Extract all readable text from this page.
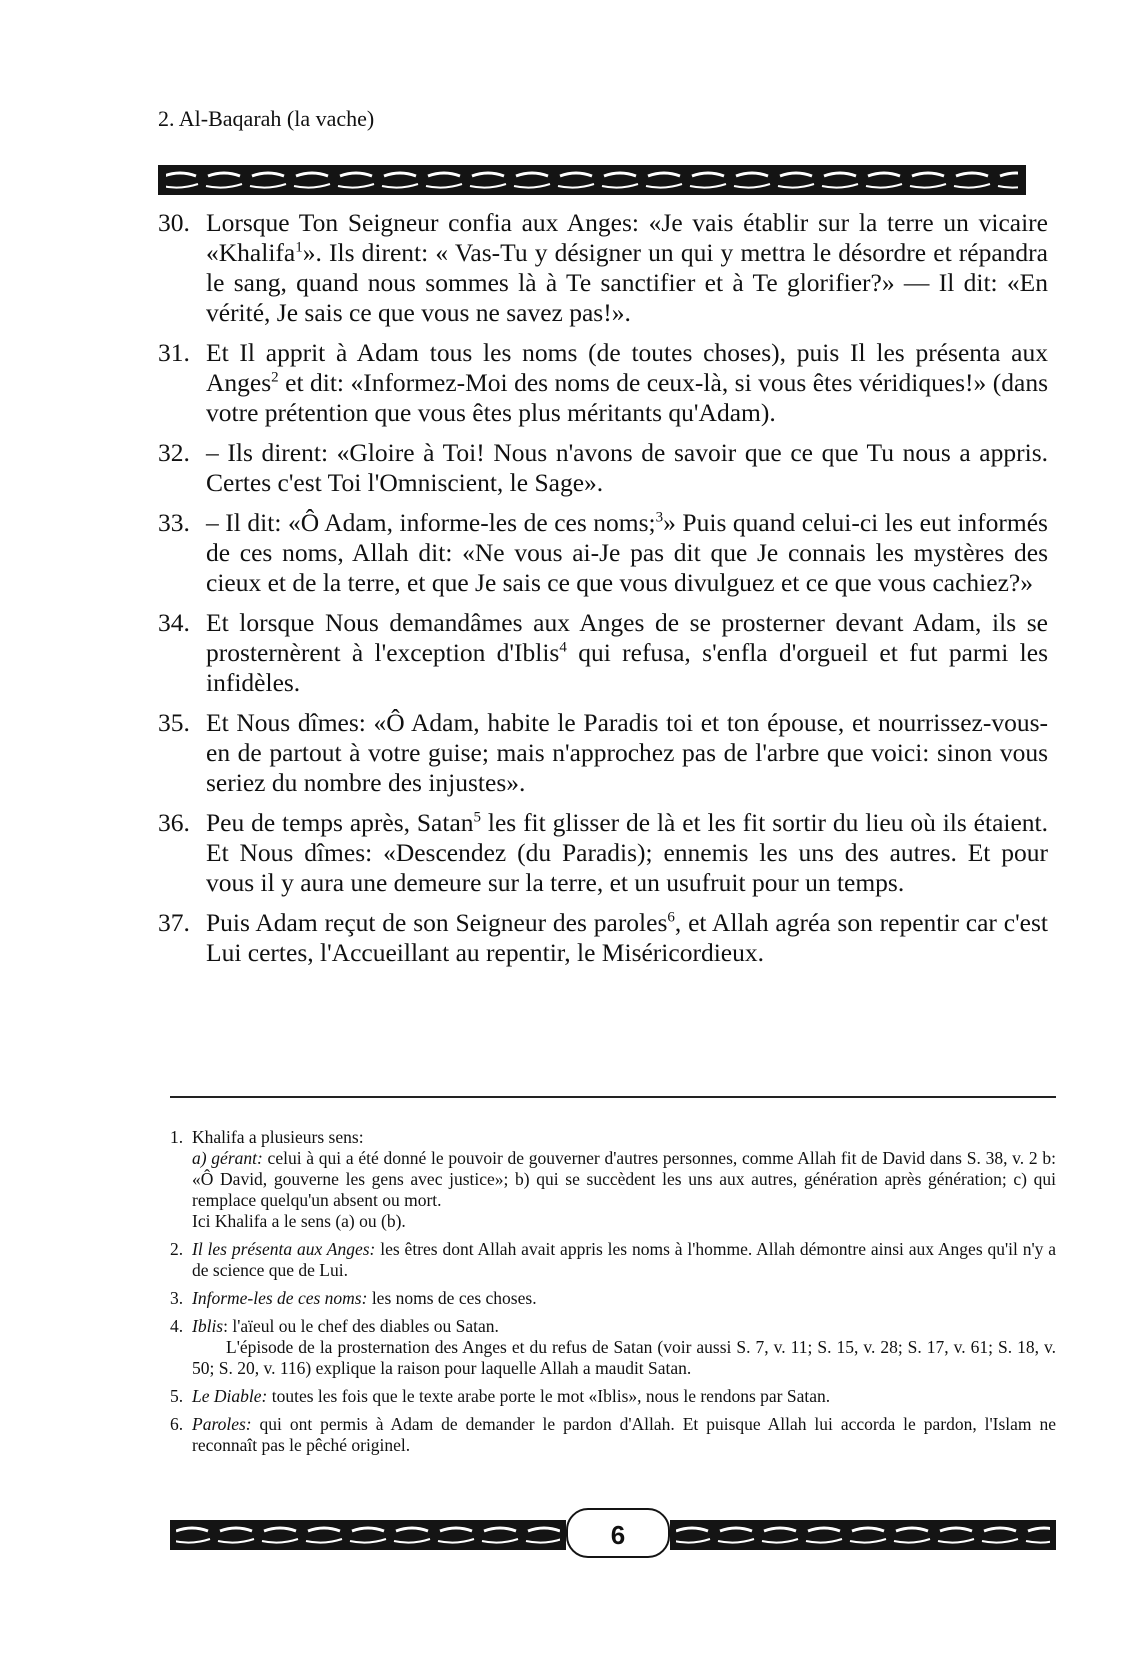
2. Al-Baqarah (la vache)
30. Lorsque Ton Seigneur confia aux Anges: «Je vais établir sur la terre un vicaire «Khalifa$^1$». Ils dirent: « Vas-Tu y désigner un qui y mettra le désordre et répandra le sang, quand nous sommes là à Te sanctifier et à Te glorifier?» — Il dit: «En vérité, Je sais ce que vous ne savez pas!».
31. Et Il apprit à Adam tous les noms (de toutes choses), puis Il les présenta aux Anges$^2$ et dit: «Informez-Moi des noms de ceux-là, si vous êtes véridiques!» (dans votre prétention que vous êtes plus méritants qu'Adam).
32. – Ils dirent: «Gloire à Toi! Nous n'avons de savoir que ce que Tu nous a appris. Certes c'est Toi l'Omniscient, le Sage».
33. – Il dit: «Ô Adam, informe-les de ces noms;$^3$» Puis quand celui-ci les eut informés de ces noms, Allah dit: «Ne vous ai-Je pas dit que Je connais les mystères des cieux et de la terre, et que Je sais ce que vous divulguez et ce que vous cachiez?»
34. Et lorsque Nous demandâmes aux Anges de se prosterner devant Adam, ils se prosternèrent à l'exception d'Iblis$^4$ qui refusa, s'enfla d'orgueil et fut parmi les infidèles.
35. Et Nous dîmes: «Ô Adam, habite le Paradis toi et ton épouse, et nourrissez-vous-en de partout à votre guise; mais n'approchez pas de l'arbre que voici: sinon vous seriez du nombre des injustes».
36. Peu de temps après, Satan$^5$ les fit glisser de là et les fit sortir du lieu où ils étaient. Et Nous dîmes: «Descendez (du Paradis); ennemis les uns des autres. Et pour vous il y aura une demeure sur la terre, et un usufruit pour un temps.
37. Puis Adam reçut de son Seigneur des paroles$^6$, et Allah agréa son repentir car c'est Lui certes, l'Accueillant au repentir, le Miséricordieux.
1. Khalifa a plusieurs sens:
a) gérant: celui à qui a été donné le pouvoir de gouverner d'autres personnes, comme Allah fit de David dans S. 38, v. 2 b: «Ô David, gouverne les gens avec justice»; b) qui se succèdent les uns aux autres, génération après génération; c) qui remplace quelqu'un absent ou mort.
Ici Khalifa a le sens (a) ou (b).
2. Il les présenta aux Anges: les êtres dont Allah avait appris les noms à l'homme. Allah démontre ainsi aux Anges qu'il n'y a de science que de Lui.
3. Informe-les de ces noms: les noms de ces choses.
4. Iblis: l'aïeul ou le chef des diables ou Satan.
L'épisode de la prosternation des Anges et du refus de Satan (voir aussi S. 7, v. 11; S. 15, v. 28; S. 17, v. 61; S. 18, v. 50; S. 20, v. 116) explique la raison pour laquelle Allah a maudit Satan.
5. Le Diable: toutes les fois que le texte arabe porte le mot «Iblis», nous le rendons par Satan.
6. Paroles: qui ont permis à Adam de demander le pardon d'Allah. Et puisque Allah lui accorda le pardon, l'Islam ne reconnaît pas le pêché originel.
6
